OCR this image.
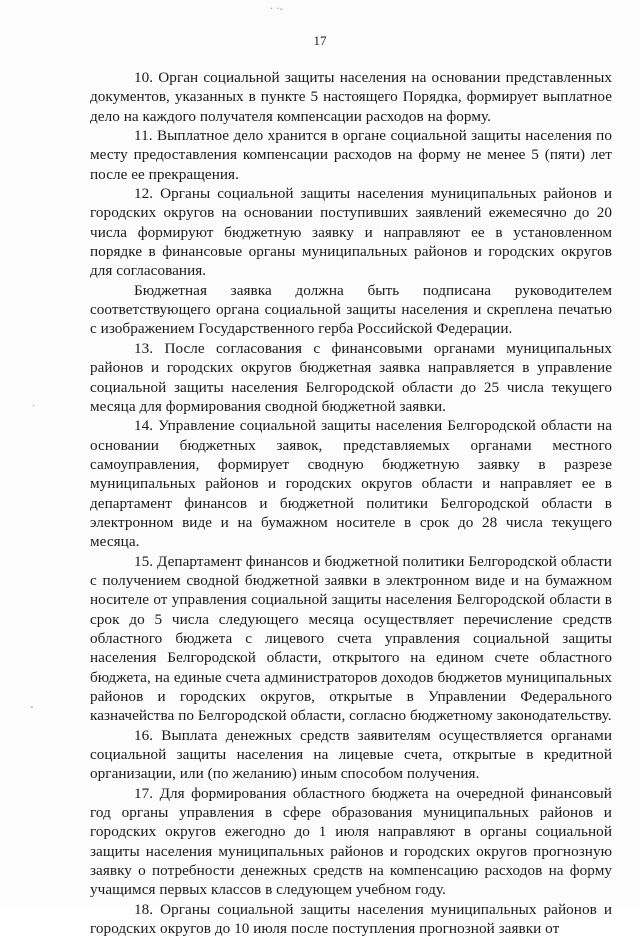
· ·‐
.
‐
17

10. Орган социальной защиты населения на основании представленных документов, указанных в пункте 5 настоящего Порядка, формирует выплатное дело на каждого получателя компенсации расходов на форму.

11. Выплатное дело хранится в органе социальной защиты населения по месту предоставления компенсации расходов на форму не менее 5 (пяти) лет после ее прекращения.

12. Органы социальной защиты населения муниципальных районов и городских округов на основании поступивших заявлений ежемесячно до 20 числа формируют бюджетную заявку и направляют ее в установленном порядке в финансовые органы муниципальных районов и городских округов для согласования.

Бюджетная заявка должна быть подписана руководителем соответствующего органа социальной защиты населения и скреплена печатью с изображением Государственного герба Российской Федерации.

13. После согласования с финансовыми органами муниципальных районов и городских округов бюджетная заявка направляется в управление социальной защиты населения Белгородской области до 25 числа текущего месяца для формирования сводной бюджетной заявки.

14. Управление социальной защиты населения Белгородской области на основании бюджетных заявок, представляемых органами местного самоуправления, формирует сводную бюджетную заявку в разрезе муниципальных районов и городских округов области и направляет ее в департамент финансов и бюджетной политики Белгородской области в электронном виде и на бумажном носителе в срок до 28 числа текущего месяца.

15. Департамент финансов и бюджетной политики Белгородской области с получением сводной бюджетной заявки в электронном виде и на бумажном носителе от управления социальной защиты населения Белгородской области в срок до 5 числа следующего месяца осуществляет перечисление средств областного бюджета с лицевого счета управления социальной защиты населения Белгородской области, открытого на едином счете областного бюджета, на единые счета администраторов доходов бюджетов муниципальных районов и городских округов, открытые в Управлении Федерального казначейства по Белгородской области, согласно бюджетному законодательству.

16. Выплата денежных средств заявителям осуществляется органами социальной защиты населения на лицевые счета, открытые в кредитной организации, или (по желанию) иным способом получения.

17. Для формирования областного бюджета на очередной финансовый год органы управления в сфере образования муниципальных районов и городских округов ежегодно до 1 июля направляют в органы социальной защиты населения муниципальных районов и городских округов прогнозную заявку о потребности денежных средств на компенсацию расходов на форму учащимся первых классов в следующем учебном году.

18. Органы социальной защиты населения муниципальных районов и городских округов до 10 июля после поступления прогнозной заявки от
